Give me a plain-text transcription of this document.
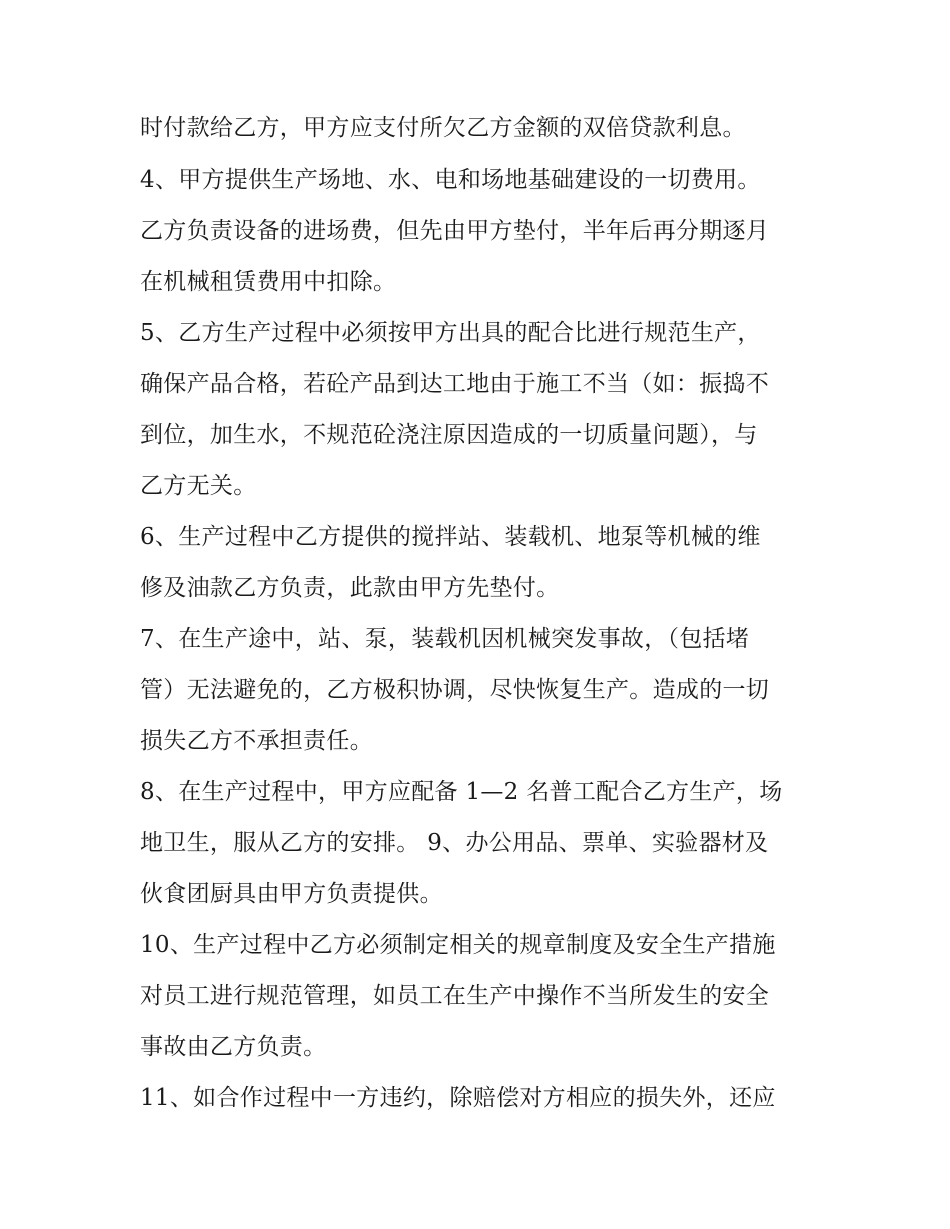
时付款给乙方，甲方应支付所欠乙方金额的双倍贷款利息。
4、甲方提供生产场地、水、电和场地基础建设的一切费用。
乙方负责设备的进场费，但先由甲方垫付，半年后再分期逐月
在机械租赁费用中扣除。
5、乙方生产过程中必须按甲方出具的配合比进行规范生产，
确保产品合格，若砼产品到达工地由于施工不当（如：振捣不
到位，加生水，不规范砼浇注原因造成的一切质量问题），与
乙方无关。
6、生产过程中乙方提供的搅拌站、装载机、地泵等机械的维
修及油款乙方负责，此款由甲方先垫付。
7、在生产途中，站、泵，装载机因机械突发事故，（包括堵
管）无法避免的，乙方极积协调，尽快恢复生产。造成的一切
损失乙方不承担责任。
8、在生产过程中，甲方应配备 1—2 名普工配合乙方生产，场
地卫生，服从乙方的安排。 9、办公用品、票单、实验器材及
伙食团厨具由甲方负责提供。
10、生产过程中乙方必须制定相关的规章制度及安全生产措施
对员工进行规范管理，如员工在生产中操作不当所发生的安全
事故由乙方负责。
11、如合作过程中一方违约，除赔偿对方相应的损失外，还应
